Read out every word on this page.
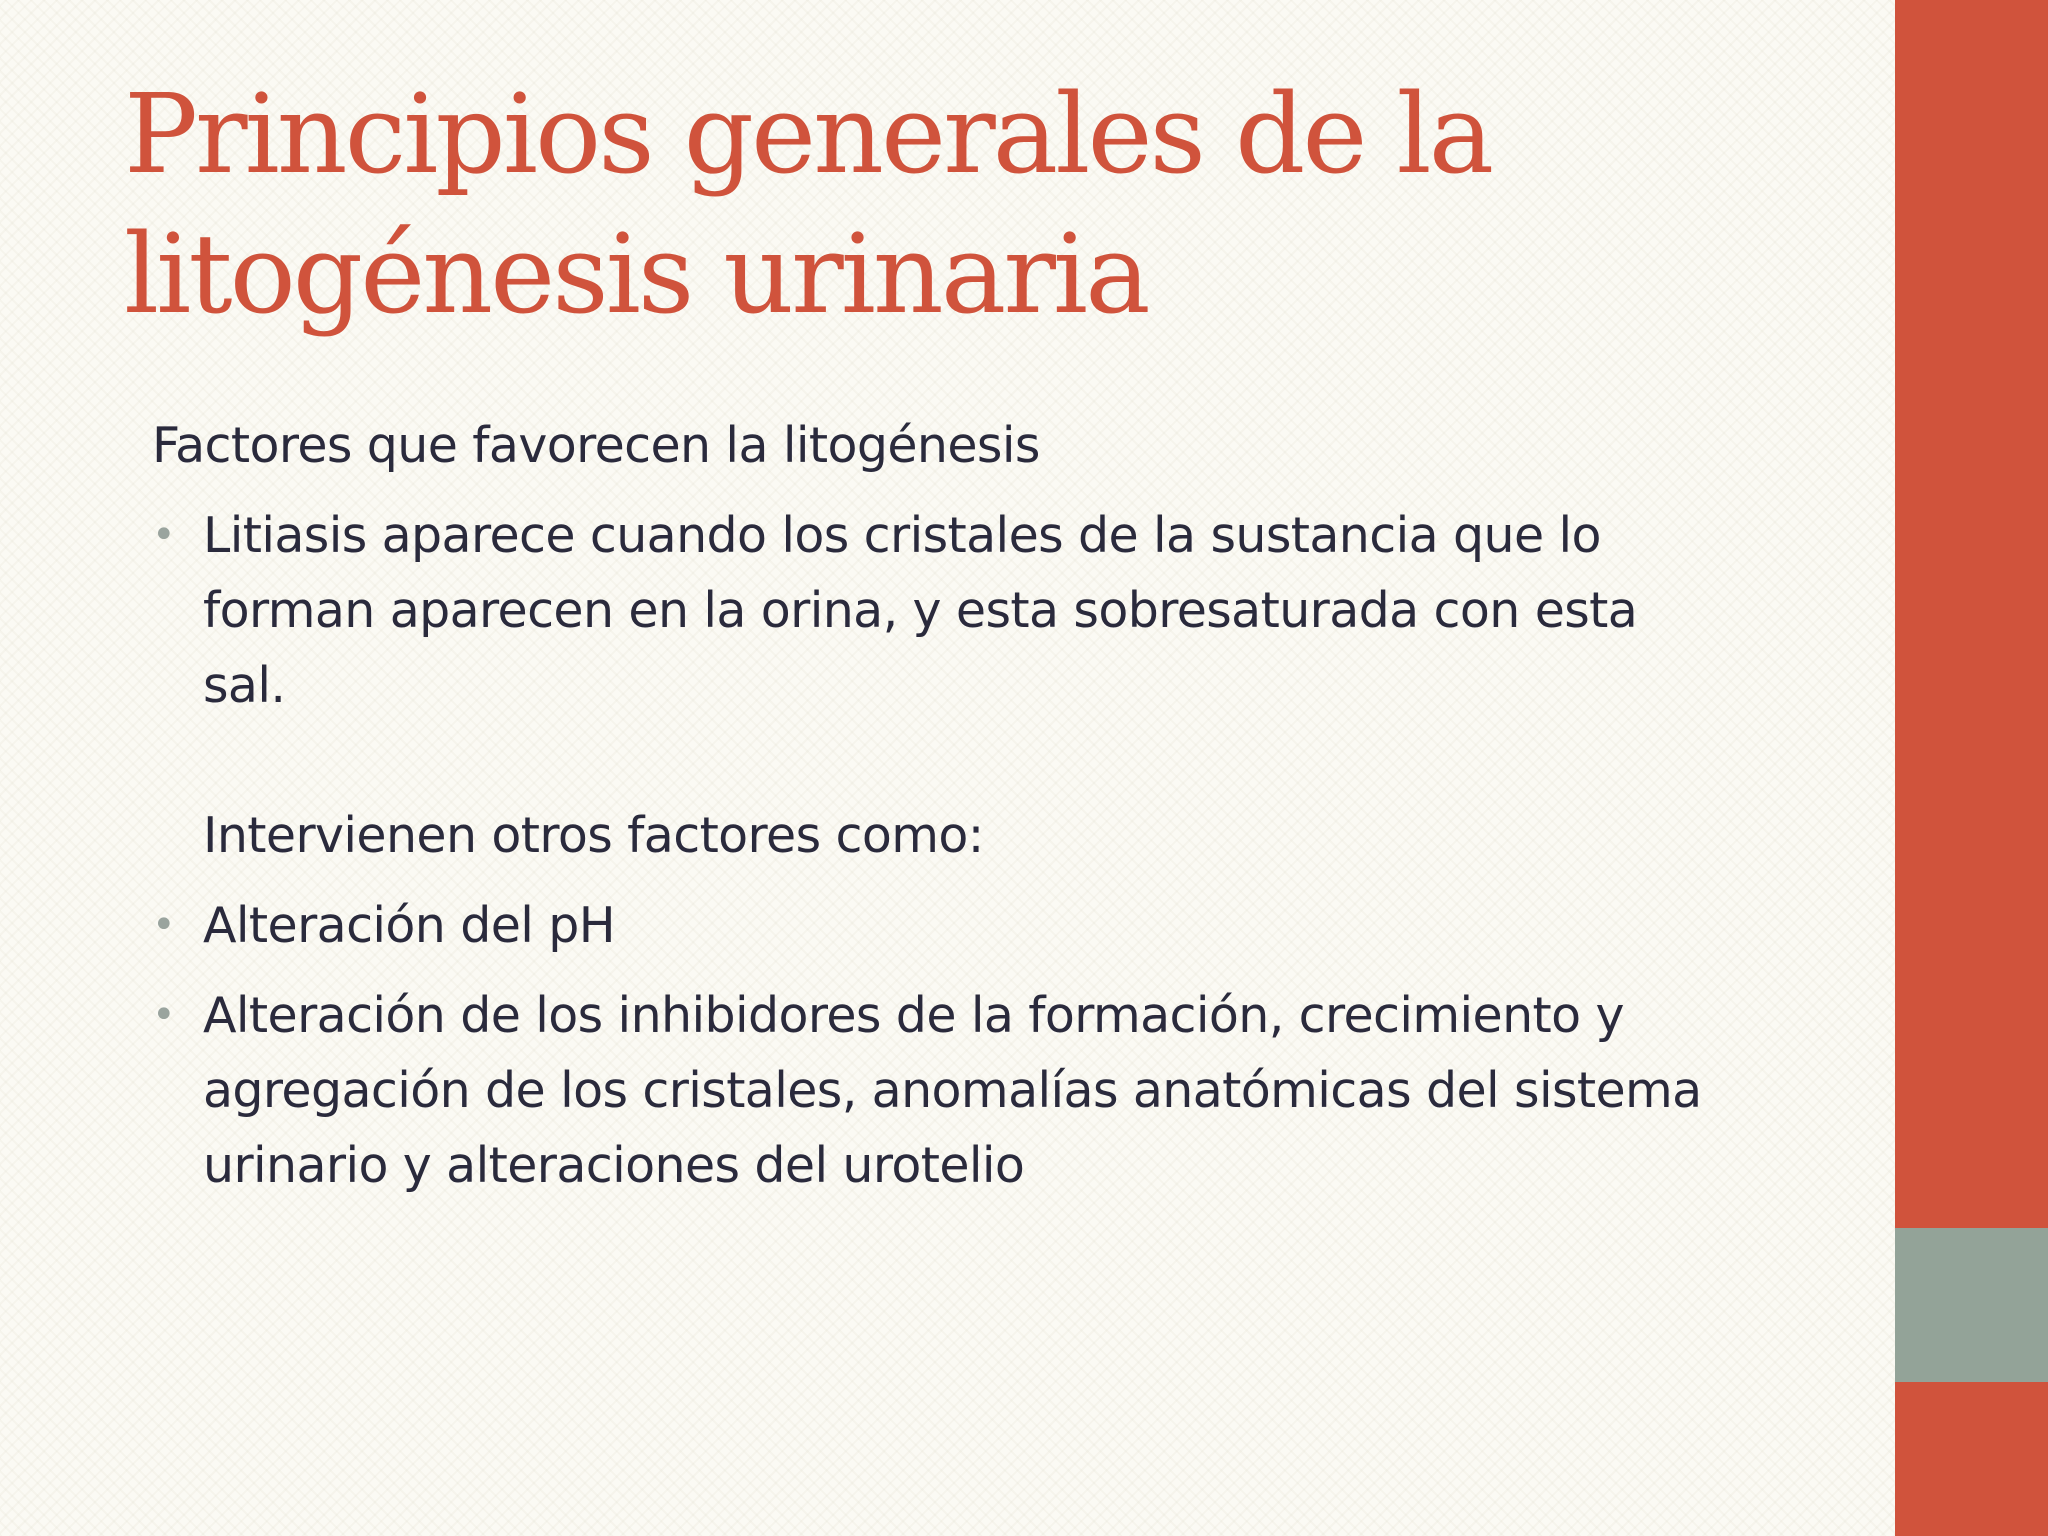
Principios generales de la
litogénesis urinaria

Factores que favorecen la litogénesis

• Litiasis aparece cuando los cristales de la sustancia que lo
forman aparecen en la orina, y esta sobresaturada con esta
sal.

Intervienen otros factores como:

• Alteración del pH
• Alteración de los inhibidores de la formación, crecimiento y
agregación de los cristales, anomalías anatómicas del sistema
urinario y alteraciones del urotelio
